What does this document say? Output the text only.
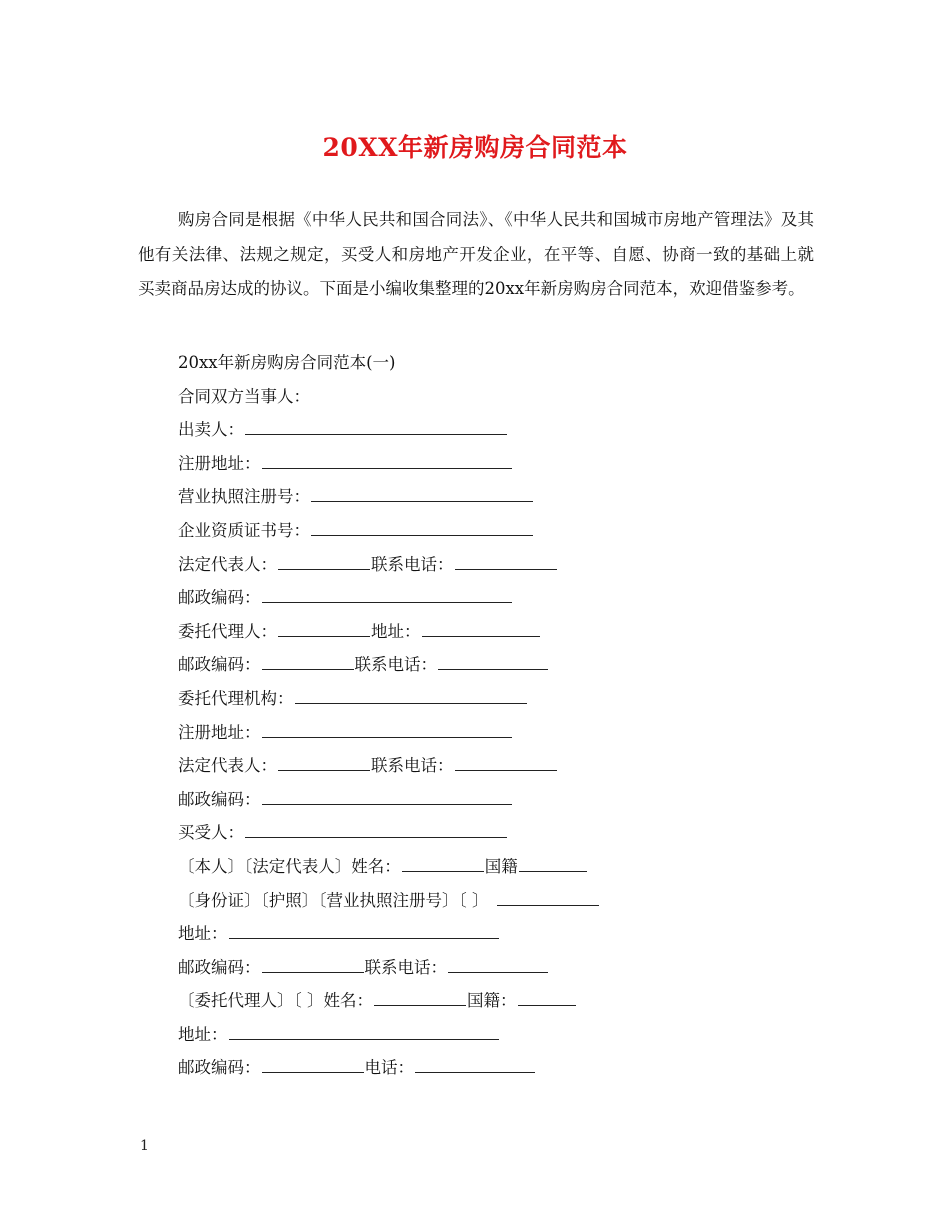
20XX年新房购房合同范本

购房合同是根据《中华人民共和国合同法》、《中华人民共和国城市房地产管理法》及其他有关法律、法规之规定，买受人和房地产开发企业，在平等、自愿、协商一致的基础上就买卖商品房达成的协议。下面是小编收集整理的20xx年新房购房合同范本，欢迎借鉴参考。

20xx年新房购房合同范本(一)
合同双方当事人：
出卖人：
注册地址：
营业执照注册号：
企业资质证书号：
法定代表人：	联系电话：
邮政编码：
委托代理人：	地址：
邮政编码：	联系电话：
委托代理机构：
注册地址：
法定代表人：	联系电话：
邮政编码：
买受人：
〔本人〕〔法定代表人〕姓名：	国籍
〔身份证〕〔护照〕〔营业执照注册号〕〔 〕
地址：
邮政编码：	联系电话：
〔委托代理人〕〔 〕姓名：	国籍：
地址：
邮政编码：	电话：
1
